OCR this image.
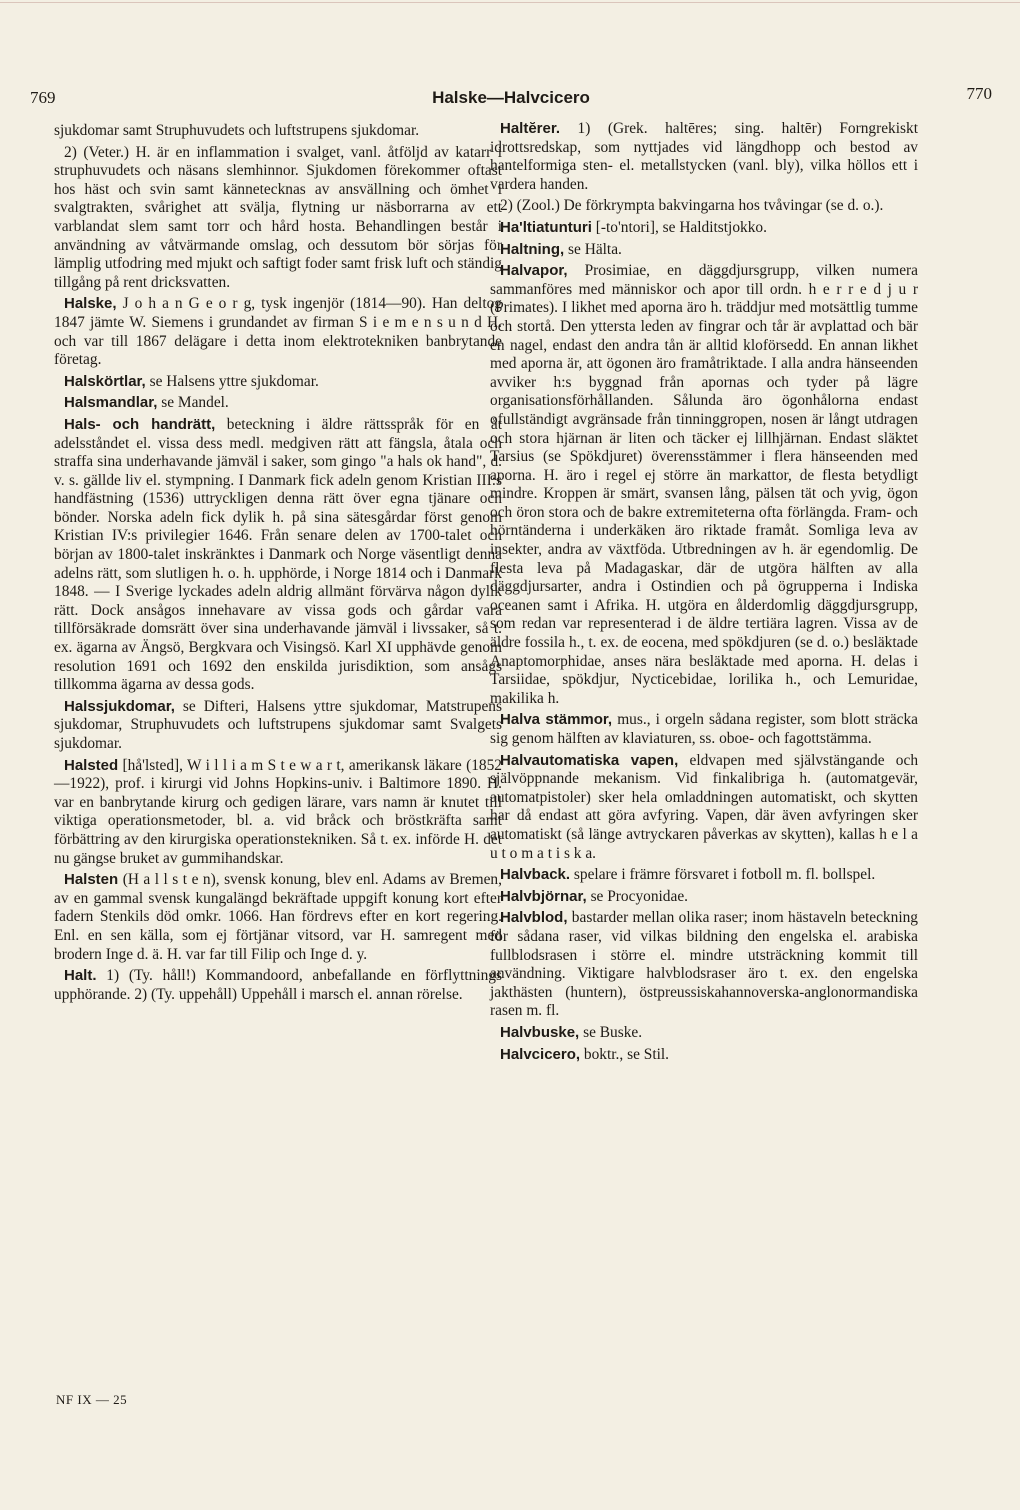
769	Halske—Halvcicero	770

sjukdomar samt Struphuvudets och luftstrupens sjukdomar.

2) (Veter.) H. är en inflammation i svalget, vanl. åtföljd av katarr i struphuvudets och näsans slemhinnor. Sjukdomen förekommer oftast hos häst och svin samt kännetecknas av ansvällning och ömhet i svalgtrakten, svårighet att svälja, flytning ur näsborrarna av ett varblandat slem samt torr och hård hosta. Behandlingen består i användning av våtvärmande omslag, och dessutom bör sörjas för lämplig utfodring med mjukt och saftigt foder samt frisk luft och ständig tillgång på rent dricksvatten.

Halske, J o h a n G e o r g, tysk ingenjör (1814—90). Han deltog 1847 jämte W. Siemens i grundandet av firman S i e m e n s u n d H. och var till 1867 delägare i detta inom elektrotekniken banbrytande företag.

Halskörtlar, se Halsens yttre sjukdomar.

Halsmandlar, se Mandel.

Hals- och handrätt, beteckning i äldre rättsspråk för en åt adelsståndet el. vissa dess medl. medgiven rätt att fängsla, åtala och straffa sina underhavande jämväl i saker, som gingo "a hals ok hand", d. v. s. gällde liv el. stympning. I Danmark fick adeln genom Kristian III:s handfästning (1536) uttryckligen denna rätt över egna tjänare och bönder. Norska adeln fick dylik h. på sina sätesgårdar först genom Kristian IV:s privilegier 1646. Från senare delen av 1700-talet och början av 1800-talet inskränktes i Danmark och Norge väsentligt denna adelns rätt, som slutligen h. o. h. upphörde, i Norge 1814 och i Danmark 1848. — I Sverige lyckades adeln aldrig allmänt förvärva någon dylik rätt. Dock ansågos innehavare av vissa gods och gårdar vara tillförsäkrade domsrätt över sina underhavande jämväl i livssaker, så t. ex. ägarna av Ängsö, Bergkvara och Visingsö. Karl XI upphävde genom resolution 1691 och 1692 den enskilda jurisdiktion, som ansågs tillkomma ägarna av dessa gods.

Halssjukdomar, se Difteri, Halsens yttre sjukdomar, Matstrupens sjukdomar, Struphuvudets och luftstrupens sjukdomar samt Svalgets sjukdomar.

Halsted [hå'lsted], W i l l i a m S t e w a r t, amerikansk läkare (1852—1922), prof. i kirurgi vid Johns Hopkins-univ. i Baltimore 1890. H. var en banbrytande kirurg och gedigen lärare, vars namn är knutet till viktiga operationsmetoder, bl. a. vid bråck och bröstkräfta samt förbättring av den kirurgiska operationstekniken. Så t. ex. införde H. det nu gängse bruket av gummihandskar.

Halsten (H a l l s t e n), svensk konung, blev enl. Adams av Bremen, av en gammal svensk kungalängd bekräftade uppgift konung kort efter fadern Stenkils död omkr. 1066. Han fördrevs efter en kort regering. Enl. en sen källa, som ej förtjänar vitsord, var H. samregent med brodern Inge d. ä. H. var far till Filip och Inge d. y.

Halt. 1) (Ty. håll!) Kommandoord, anbefallande en förflyttnings upphörande. 2) (Ty. uppehåll) Uppehåll i marsch el. annan rörelse.

Haltĕrer. 1) (Grek. haltēres; sing. haltēr) Forngrekiskt idrottsredskap, som nyttjades vid längdhopp och bestod av hantelformiga sten- el. metallstycken (vanl. bly), vilka höllos ett i vardera handen.

2) (Zool.) De förkrympta bakvingarna hos tvåvingar (se d. o.).

Ha'ltiatunturi [-to'ntori], se Halditstjokko.

Haltning, se Hälta.

Halvapor, Prosimiae, en däggdjursgrupp, vilken numera sammanföres med människor och apor till ordn. h e r r e d j u r (Primates). I likhet med aporna äro h. träddjur med motsättlig tumme och stortå. Den yttersta leden av fingrar och tår är avplattad och bär en nagel, endast den andra tån är alltid kloförsedd. En annan likhet med aporna är, att ögonen äro framåtriktade. I alla andra hänseenden avviker h:s byggnad från apornas och tyder på lägre organisationsförhållanden. Sålunda äro ögonhålorna endast ofullständigt avgränsade från tinninggropen, nosen är långt utdragen och stora hjärnan är liten och täcker ej lillhjärnan. Endast släktet Tarsius (se Spökdjuret) överensstämmer i flera hänseenden med aporna. H. äro i regel ej större än markattor, de flesta betydligt mindre. Kroppen är smärt, svansen lång, pälsen tät och yvig, ögon och öron stora och de bakre extremiteterna ofta förlängda. Fram- och hörntänderna i underkäken äro riktade framåt. Somliga leva av insekter, andra av växtföda. Utbredningen av h. är egendomlig. De flesta leva på Madagaskar, där de utgöra hälften av alla däggdjursarter, andra i Ostindien och på ögrupperna i Indiska oceanen samt i Afrika. H. utgöra en ålderdomlig däggdjursgrupp, som redan var representerad i de äldre tertiära lagren. Vissa av de äldre fossila h., t. ex. de eocena, med spökdjuren (se d. o.) besläktade Anaptomorphidae, anses nära besläktade med aporna. H. delas i Tarsiidae, spökdjur, Nycticebidae, lorilika h., och Lemuridae, makilika h.

Halva stämmor, mus., i orgeln sådana register, som blott sträcka sig genom hälften av klaviaturen, ss. oboe- och fagottstämma.

Halvautomatiska vapen, eldvapen med självstängande och självöppnande mekanism. Vid finkalibriga h. (automatgevär, automatpistoler) sker hela omladdningen automatiskt, och skytten har då endast att göra avfyring. Vapen, där även avfyringen sker automatiskt (så länge avtryckaren påverkas av skytten), kallas h e l a u t o m a t i s k a.

Halvback. spelare i främre försvaret i fotboll m. fl. bollspel.

Halvbjörnar, se Procyonidae.

Halvblod, bastarder mellan olika raser; inom hästaveln beteckning för sådana raser, vid vilkas bildning den engelska el. arabiska fullblodsrasen i större el. mindre utsträckning kommit till användning. Viktigare halvblodsraser äro t. ex. den engelska jakthästen (huntern), östpreussiskahannoverska-anglonormandiska rasen m. fl.

Halvbuske, se Buske.

Halvcicero, boktr., se Stil.

NF IX — 25
